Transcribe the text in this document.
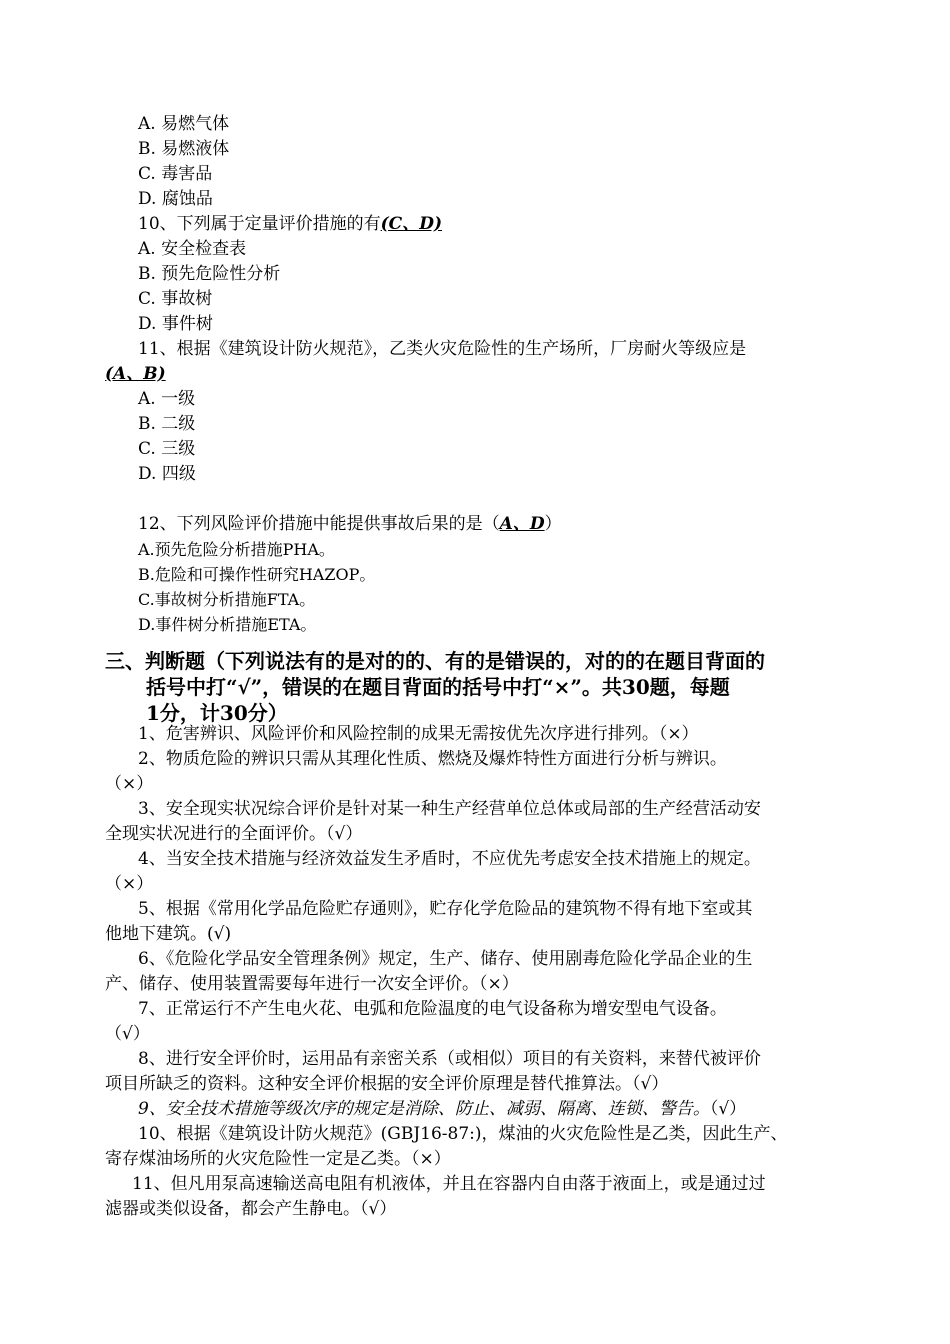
A. 易燃气体
B. 易燃液体
C. 毒害品
D. 腐蚀品
10、下列属于定量评价措施的有(C、D)
A. 安全检查表
B. 预先危险性分析
C. 事故树
D. 事件树
11、根据《建筑设计防火规范》，乙类火灾危险性的生产场所，厂房耐火等级应是
(A、B)
A. 一级
B. 二级
C. 三级
D. 四级
12、下列风险评价措施中能提供事故后果的是（A、D）
A.预先危险分析措施PHA。
B.危险和可操作性研究HAZOP。
C.事故树分析措施FTA。
D.事件树分析措施ETA。
三、判断题（下列说法有的是对的的、有的是错误的，对的的在题目背面的
括号中打“√”，错误的在题目背面的括号中打“×”。共30题，每题
1分，计30分）
1、危害辨识、风险评价和风险控制的成果无需按优先次序进行排列。（×）
2、物质危险的辨识只需从其理化性质、燃烧及爆炸特性方面进行分析与辨识。
（×）
3、安全现实状况综合评价是针对某一种生产经营单位总体或局部的生产经营活动安
全现实状况进行的全面评价。（√）
4、当安全技术措施与经济效益发生矛盾时，不应优先考虑安全技术措施上的规定。
（×）
5、根据《常用化学品危险贮存通则》，贮存化学危险品的建筑物不得有地下室或其
他地下建筑。(√)
6、《危险化学品安全管理条例》规定，生产、储存、使用剧毒危险化学品企业的生
产、储存、使用装置需要每年进行一次安全评价。（×）
7、正常运行不产生电火花、电弧和危险温度的电气设备称为增安型电气设备。
（√）
8、进行安全评价时，运用品有亲密关系（或相似）项目的有关资料，来替代被评价
项目所缺乏的资料。这种安全评价根据的安全评价原理是替代推算法。（√）
9、安全技术措施等级次序的规定是消除、防止、减弱、隔离、连锁、警告。（√）
10、根据《建筑设计防火规范》(GBJ16-87:)，煤油的火灾危险性是乙类，因此生产、
寄存煤油场所的火灾危险性一定是乙类。（×）
11、但凡用泵高速输送高电阻有机液体，并且在容器内自由落于液面上，或是通过过
滤器或类似设备，都会产生静电。（√）
